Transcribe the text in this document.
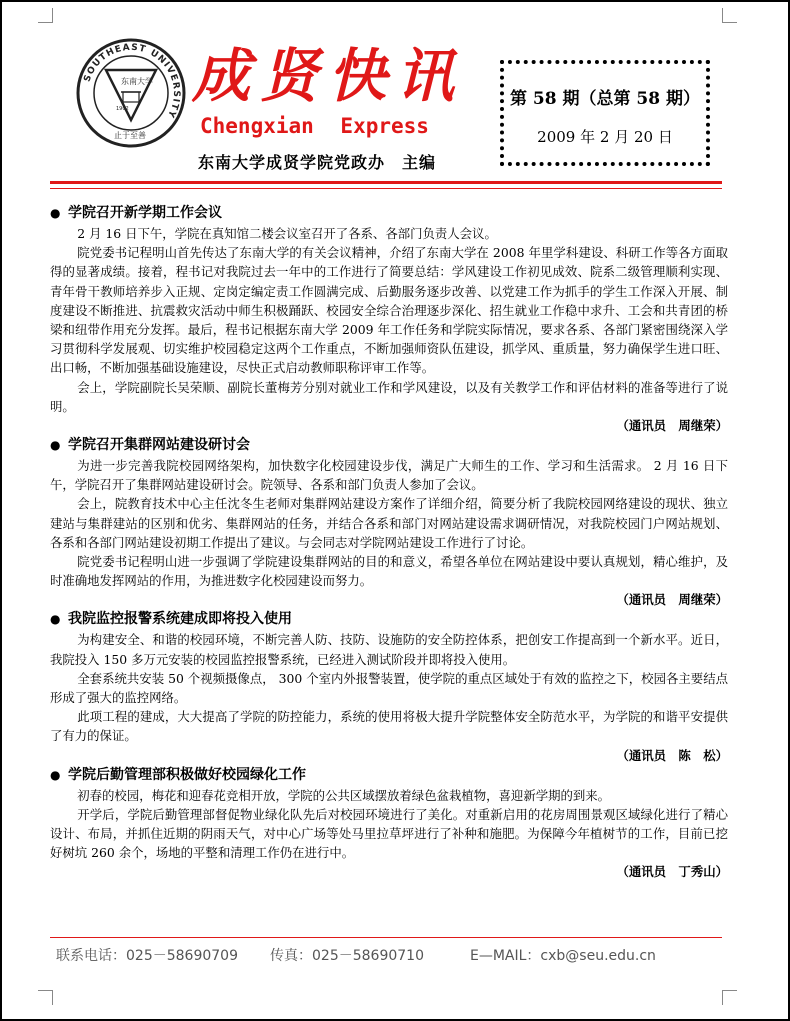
SOUTHEAST UNIVERSITY
东南大学
1902
止于至善
成贤快讯
Chengxian Express
东南大学成贤学院党政办　主编
第 58 期（总第 58 期）
2009 年 2 月 20 日
● 学院召开新学期工作会议

2 月 16 日下午，学院在真知馆二楼会议室召开了各系、各部门负责人会议。

院党委书记程明山首先传达了东南大学的有关会议精神，介绍了东南大学在 2008 年里学科建设、科研工作等各方面取得的显著成绩。接着，程书记对我院过去一年中的工作进行了简要总结：学风建设工作初见成效、院系二级管理顺利实现、青年骨干教师培养步入正规、定岗定编定责工作圆满完成、后勤服务逐步改善、以党建工作为抓手的学生工作深入开展、制度建设不断推进、抗震救灾活动中师生积极踊跃、校园安全综合治理逐步深化、招生就业工作稳中求升、工会和共青团的桥梁和纽带作用充分发挥。最后，程书记根据东南大学 2009 年工作任务和学院实际情况，要求各系、各部门紧密围绕深入学习贯彻科学发展观、切实维护校园稳定这两个工作重点，不断加强师资队伍建设，抓学风、重质量，努力确保学生进口旺、出口畅，不断加强基础设施建设，尽快正式启动教师职称评审工作等。

会上，学院副院长吴荣顺、副院长董梅芳分别对就业工作和学风建设，以及有关教学工作和评估材料的准备等进行了说明。

（通讯员　周继荣）

● 学院召开集群网站建设研讨会

为进一步完善我院校园网络架构，加快数字化校园建设步伐，满足广大师生的工作、学习和生活需求。 2 月 16 日下午，学院召开了集群网站建设研讨会。院领导、各系和部门负责人参加了会议。

会上，院教育技术中心主任沈冬生老师对集群网站建设方案作了详细介绍，简要分析了我院校园网络建设的现状、独立建站与集群建站的区别和优劣、集群网站的任务，并结合各系和部门对网站建设需求调研情况，对我院校园门户网站规划、各系和各部门网站建设初期工作提出了建议。与会同志对学院网站建设工作进行了讨论。

院党委书记程明山进一步强调了学院建设集群网站的目的和意义，希望各单位在网站建设中要认真规划，精心维护，及时准确地发挥网站的作用，为推进数字化校园建设而努力。

（通讯员　周继荣）

● 我院监控报警系统建成即将投入使用

为构建安全、和谐的校园环境，不断完善人防、技防、设施防的安全防控体系，把创安工作提高到一个新水平。近日，我院投入 150 多万元安装的校园监控报警系统，已经进入测试阶段并即将投入使用。

全套系统共安装 50 个视频摄像点， 300 个室内外报警装置，使学院的重点区域处于有效的监控之下，校园各主要结点形成了强大的监控网络。

此项工程的建成，大大提高了学院的防控能力，系统的使用将极大提升学院整体安全防范水平，为学院的和谐平安提供了有力的保证。

（通讯员　陈　松）

● 学院后勤管理部积极做好校园绿化工作

初春的校园，梅花和迎春花竞相开放，学院的公共区域摆放着绿色盆栽植物，喜迎新学期的到来。

开学后，学院后勤管理部督促物业绿化队先后对校园环境进行了美化。对重新启用的花房周围景观区域绿化进行了精心设计、布局，并抓住近期的阴雨天气，对中心广场等处马里拉草坪进行了补种和施肥。为保障今年植树节的工作，目前已挖好树坑 260 余个，场地的平整和清理工作仍在进行中。

（通讯员　丁秀山）

联系电话：025－58690709 传真：025－58690710	E—MAIL：cxb@seu.edu.cn
